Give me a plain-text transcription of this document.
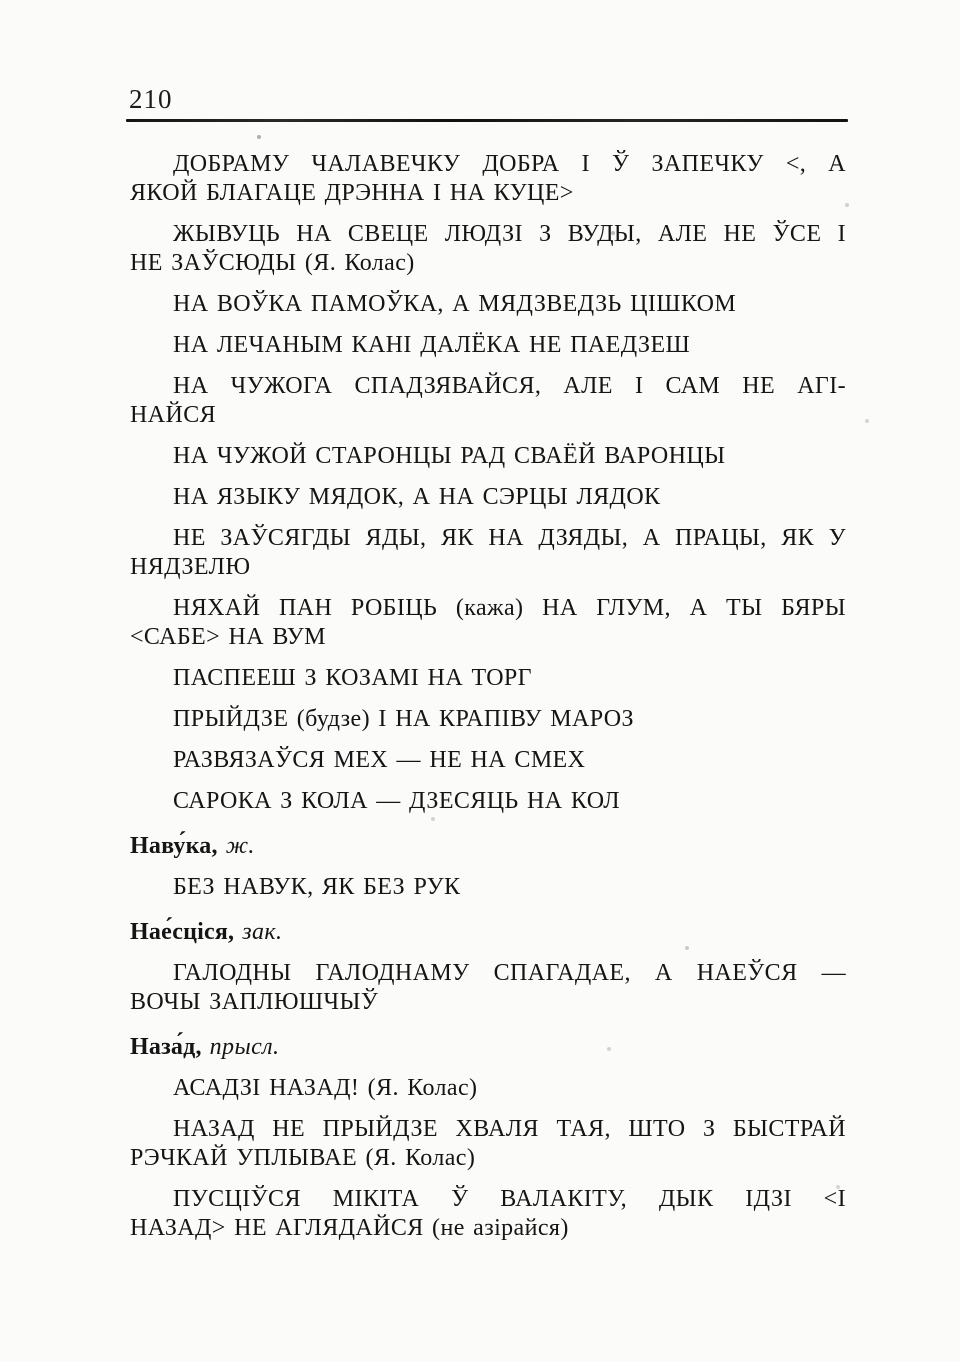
210
ДОБРАМУ ЧАЛАВЕЧКУ ДОБРА І Ў ЗАПЕЧКУ <, А
ЯКОЙ БЛАГАЦЕ ДРЭННА І НА КУЦЕ>
ЖЫВУЦЬ НА СВЕЦЕ ЛЮДЗІ З ВУДЫ, АЛЕ НЕ ЎСЕ І
НЕ ЗАЎСЮДЫ (Я. Колас)
НА ВОЎКА ПАМОЎКА, А МЯДЗВЕДЗЬ ЦІШКОМ
НА ЛЕЧАНЫМ КАНІ ДАЛЁКА НЕ ПАЕДЗЕШ
НА ЧУЖОГА СПАДЗЯВАЙСЯ, АЛЕ І САМ НЕ АГІ-
НАЙСЯ
НА ЧУЖОЙ СТАРОНЦЫ РАД СВАЁЙ ВАРОНЦЫ
НА ЯЗЫКУ МЯДОК, А НА СЭРЦЫ ЛЯДОК
НЕ ЗАЎСЯГДЫ ЯДЫ, ЯК НА ДЗЯДЫ, А ПРАЦЫ, ЯК У
НЯДЗЕЛЮ
НЯХАЙ ПАН РОБІЦЬ (кажа) НА ГЛУМ, А ТЫ БЯРЫ
<САБЕ> НА ВУМ
ПАСПЕЕШ З КОЗАМІ НА ТОРГ
ПРЫЙДЗЕ (будзе) І НА КРАПІВУ МАРОЗ
РАЗВЯЗАЎСЯ МЕХ — НЕ НА СМЕХ
САРОКА З КОЛА — ДЗЕСЯЦЬ НА КОЛ
Наву́ка, ж.
БЕЗ НАВУК, ЯК БЕЗ РУК
Нае́сціся, зак.
ГАЛОДНЫ ГАЛОДНАМУ СПАГАДАЕ, А НАЕЎСЯ —
ВОЧЫ ЗАПЛЮШЧЫЎ
Наза́д, прысл.
АСАДЗІ НАЗАД! (Я. Колас)
НАЗАД НЕ ПРЫЙДЗЕ ХВАЛЯ ТАЯ, ШТО З БЫСТРАЙ
РЭЧКАЙ УПЛЫВАЕ (Я. Колас)
ПУСЦІЎСЯ МІКІТА Ў ВАЛАКІТУ, ДЫК ІДЗІ <І
НАЗАД> НЕ АГЛЯДАЙСЯ (не азірайся)
